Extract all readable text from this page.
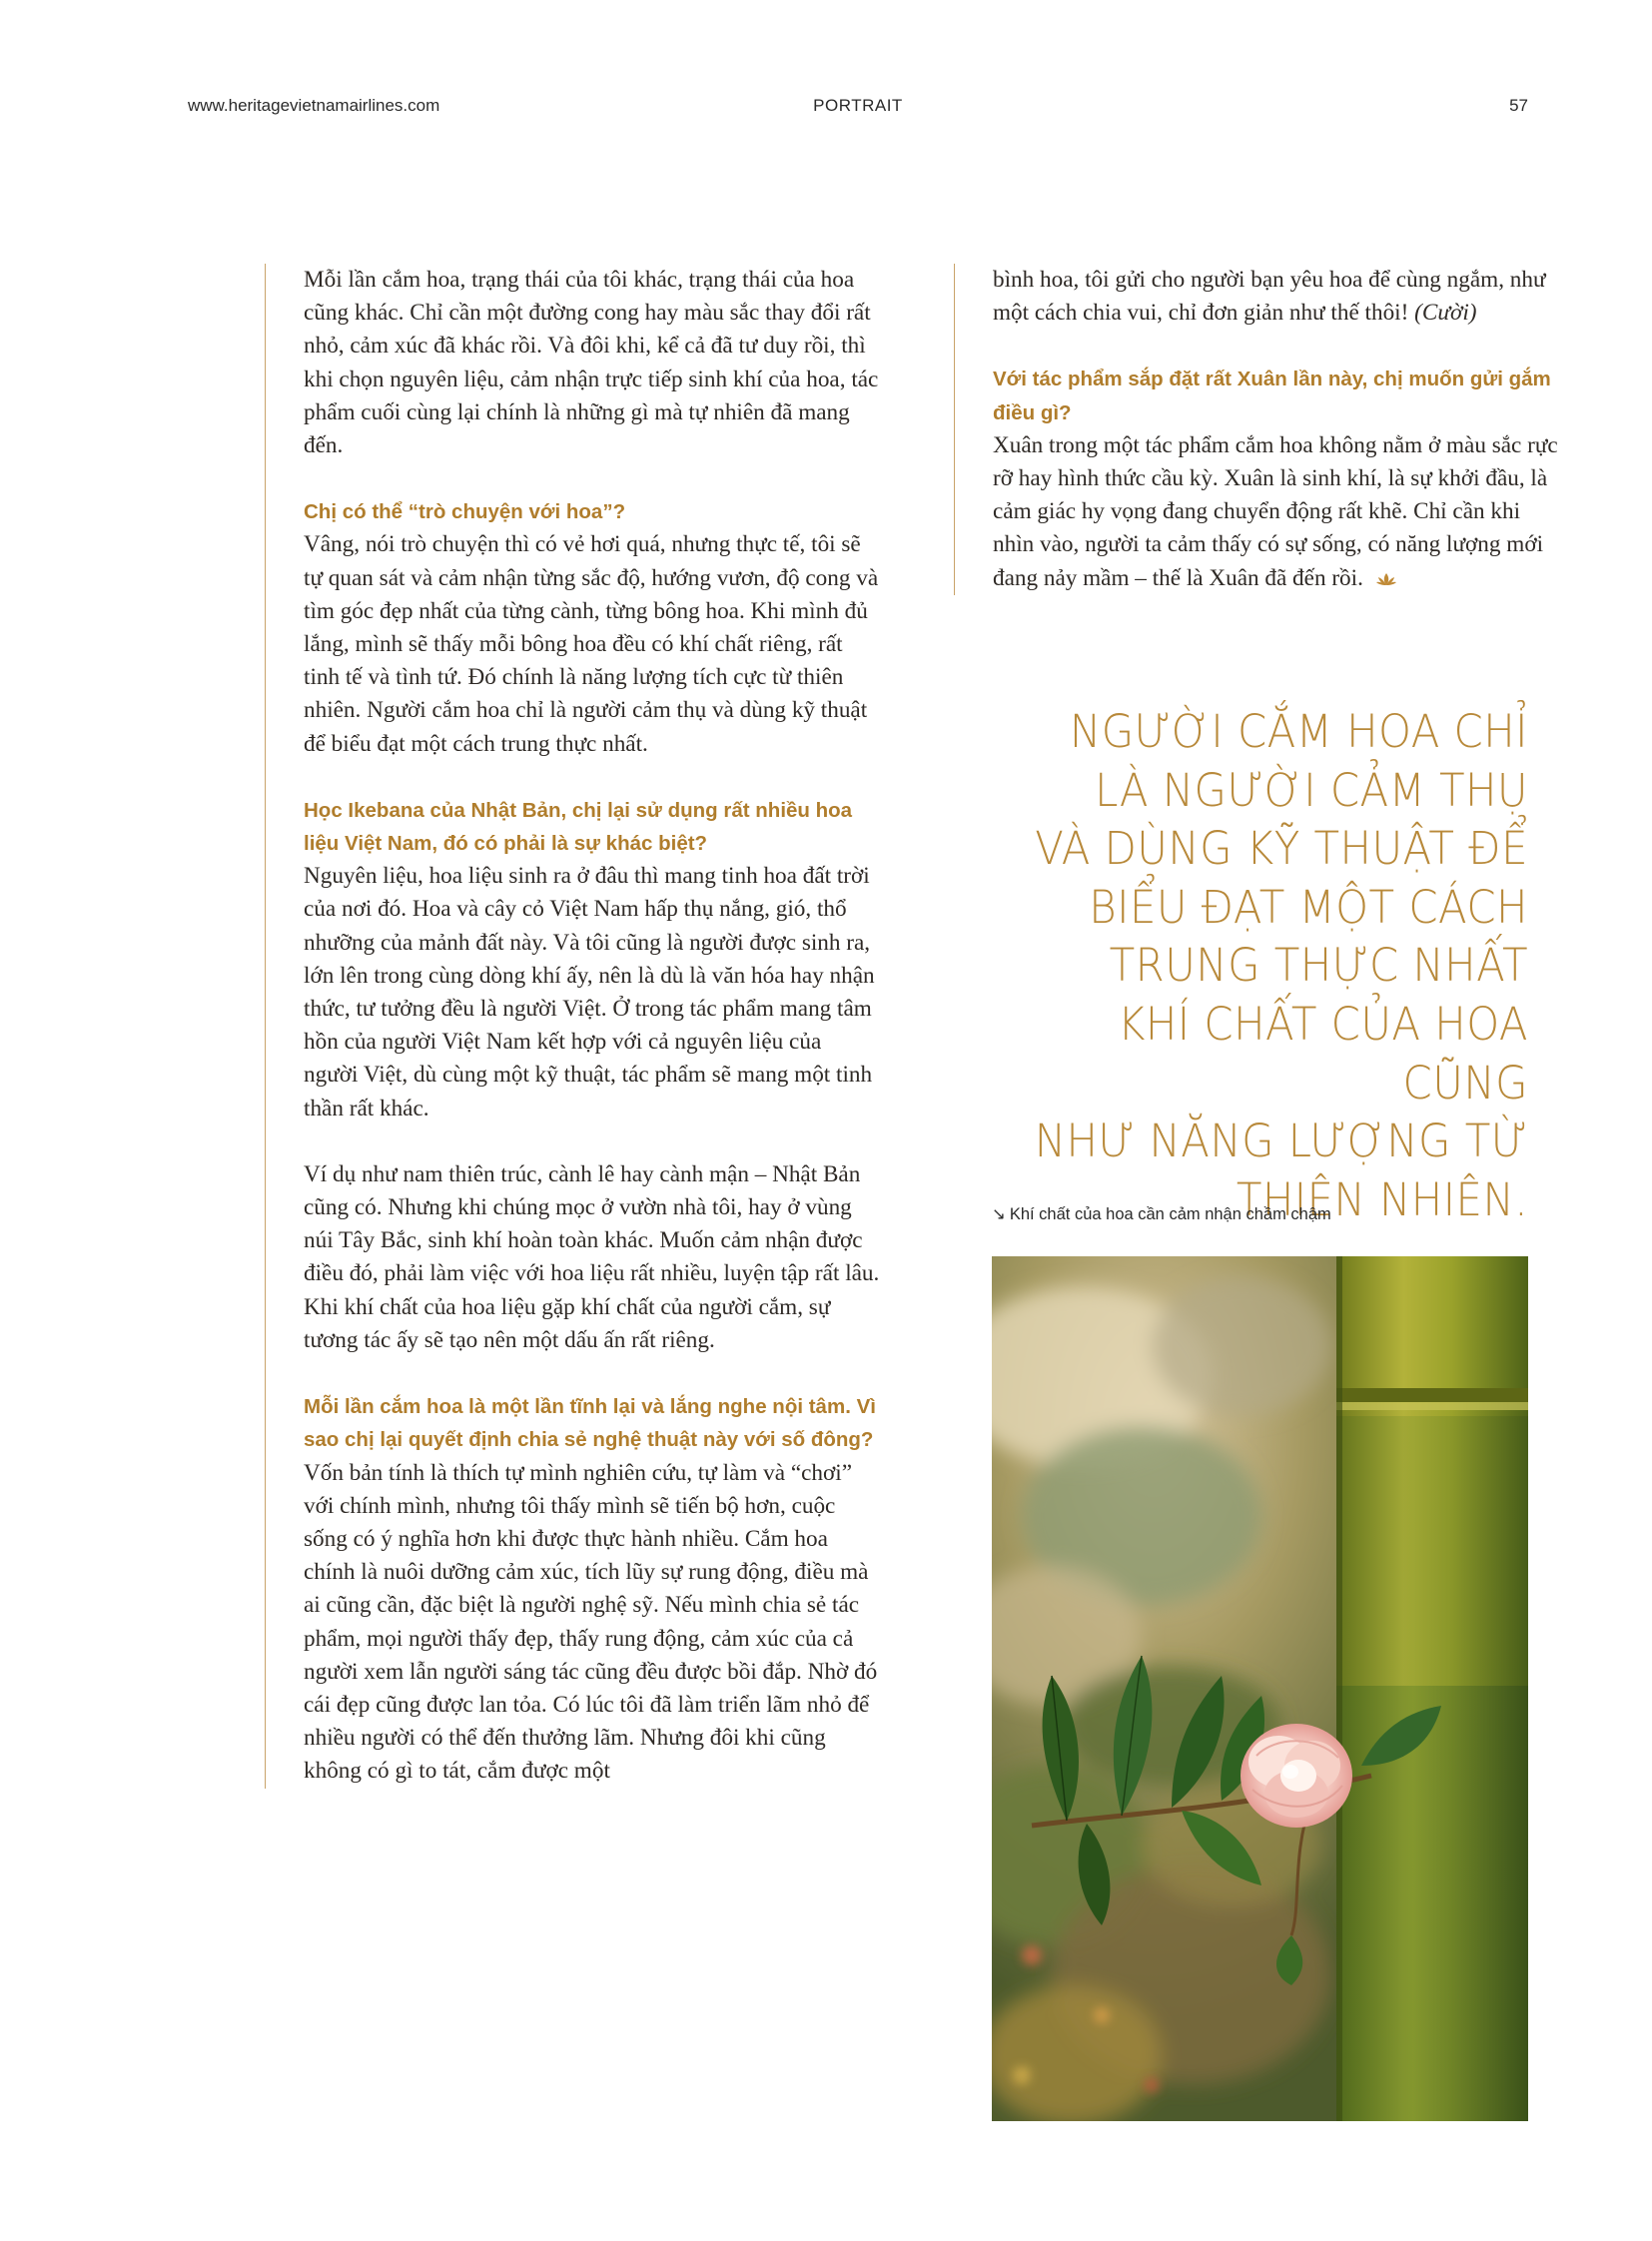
www.heritagevietnamairlines.com	PORTRAIT	57

Mỗi lần cắm hoa, trạng thái của tôi khác, trạng thái của hoa cũng khác. Chỉ cần một đường cong hay màu sắc thay đổi rất nhỏ, cảm xúc đã khác rồi. Và đôi khi, kể cả đã tư duy rồi, thì khi chọn nguyên liệu, cảm nhận trực tiếp sinh khí của hoa, tác phẩm cuối cùng lại chính là những gì mà tự nhiên đã mang đến.

Chị có thể “trò chuyện với hoa”?

Vâng, nói trò chuyện thì có vẻ hơi quá, nhưng thực tế, tôi sẽ tự quan sát và cảm nhận từng sắc độ, hướng vươn, độ cong và tìm góc đẹp nhất của từng cành, từng bông hoa. Khi mình đủ lắng, mình sẽ thấy mỗi bông hoa đều có khí chất riêng, rất tinh tế và tình tứ. Đó chính là năng lượng tích cực từ thiên nhiên. Người cắm hoa chỉ là người cảm thụ và dùng kỹ thuật để biểu đạt một cách trung thực nhất.

Học Ikebana của Nhật Bản, chị lại sử dụng rất nhiều hoa liệu Việt Nam, đó có phải là sự khác biệt?

Nguyên liệu, hoa liệu sinh ra ở đâu thì mang tinh hoa đất trời của nơi đó. Hoa và cây cỏ Việt Nam hấp thụ nắng, gió, thổ nhưỡng của mảnh đất này. Và tôi cũng là người được sinh ra, lớn lên trong cùng dòng khí ấy, nên là dù là văn hóa hay nhận thức, tư tưởng đều là người Việt. Ở trong tác phẩm mang tâm hồn của người Việt Nam kết hợp với cả nguyên liệu của người Việt, dù cùng một kỹ thuật, tác phẩm sẽ mang một tinh thần rất khác.

Ví dụ như nam thiên trúc, cành lê hay cành mận – Nhật Bản cũng có. Nhưng khi chúng mọc ở vườn nhà tôi, hay ở vùng núi Tây Bắc, sinh khí hoàn toàn khác. Muốn cảm nhận được điều đó, phải làm việc với hoa liệu rất nhiều, luyện tập rất lâu. Khi khí chất của hoa liệu gặp khí chất của người cắm, sự tương tác ấy sẽ tạo nên một dấu ấn rất riêng.

Mỗi lần cắm hoa là một lần tĩnh lại và lắng nghe nội tâm. Vì sao chị lại quyết định chia sẻ nghệ thuật này với số đông?

Vốn bản tính là thích tự mình nghiên cứu, tự làm và “chơi” với chính mình, nhưng tôi thấy mình sẽ tiến bộ hơn, cuộc sống có ý nghĩa hơn khi được thực hành nhiều. Cắm hoa chính là nuôi dưỡng cảm xúc, tích lũy sự rung động, điều mà ai cũng cần, đặc biệt là người nghệ sỹ. Nếu mình chia sẻ tác phẩm, mọi người thấy đẹp, thấy rung động, cảm xúc của cả người xem lẫn người sáng tác cũng đều được bồi đắp. Nhờ đó cái đẹp cũng được lan tỏa. Có lúc tôi đã làm triển lãm nhỏ để nhiều người có thể đến thưởng lãm. Nhưng đôi khi cũng không có gì to tát, cắm được một

bình hoa, tôi gửi cho người bạn yêu hoa để cùng ngắm, như một cách chia vui, chỉ đơn giản như thế thôi! (Cười)

Với tác phẩm sắp đặt rất Xuân lần này, chị muốn gửi gắm điều gì?

Xuân trong một tác phẩm cắm hoa không nằm ở màu sắc rực rỡ hay hình thức cầu kỳ. Xuân là sinh khí, là sự khởi đầu, là cảm giác hy vọng đang chuyển động rất khẽ. Chỉ cần khi nhìn vào, người ta cảm thấy có sự sống, có năng lượng mới đang nảy mầm – thế là Xuân đã đến rồi.

NGƯỜI CẮM HOA CHỈ
LÀ NGƯỜI CẢM THỤ
VÀ DÙNG KỸ THUẬT ĐỂ
BIỂU ĐẠT MỘT CÁCH
TRUNG THỰC NHẤT
KHÍ CHẤT CỦA HOA CŨNG
NHƯ NĂNG LƯỢNG TỪ
THIÊN NHIÊN.
↘ Khí chất của hoa cần cảm nhận chầm chậm
